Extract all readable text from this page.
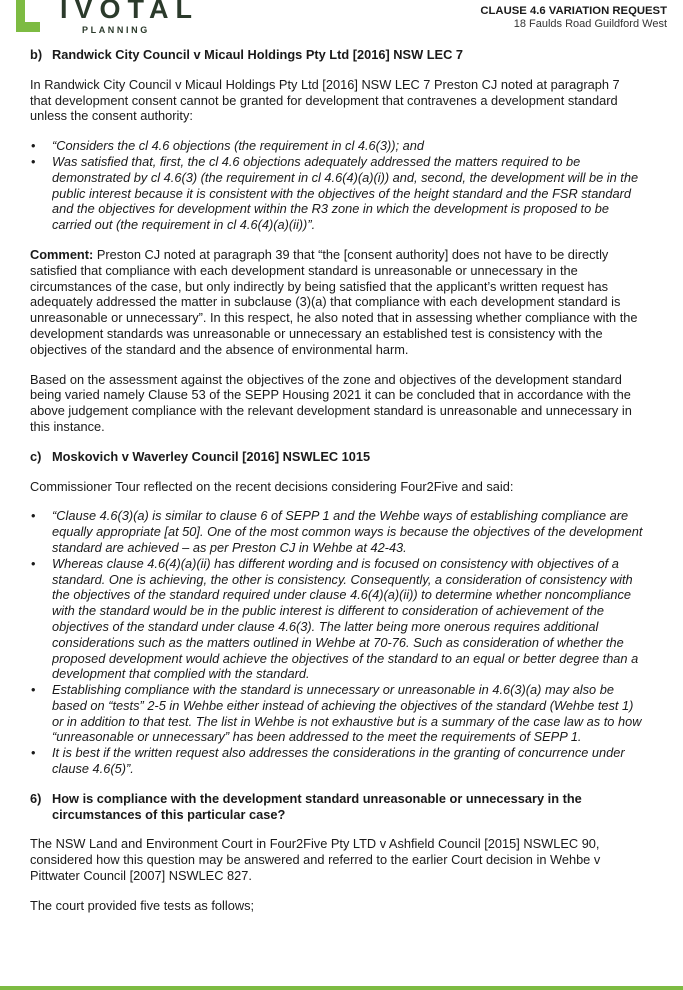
IVOTAL
PLANNING
CLAUSE 4.6 VARIATION REQUEST
18 Faulds Road Guildford West
b) Randwick City Council v Micaul Holdings Pty Ltd [2016] NSW LEC 7

In Randwick City Council v Micaul Holdings Pty Ltd [2016] NSW LEC 7 Preston CJ noted at paragraph 7

that development consent cannot be granted for development that contravenes a development standard

unless the consent authority:

• “Considers the cl 4.6 objections (the requirement in cl 4.6(3)); and

• Was satisfied that, first, the cl 4.6 objections adequately addressed the matters required to be

demonstrated by cl 4.6(3) (the requirement in cl 4.6(4)(a)(i)) and, second, the development will be in the

public interest because it is consistent with the objectives of the height standard and the FSR standard

and the objectives for development within the R3 zone in which the development is proposed to be

carried out (the requirement in cl 4.6(4)(a)(ii))”.

Comment: Preston CJ noted at paragraph 39 that “the [consent authority] does not have to be directly

satisfied that compliance with each development standard is unreasonable or unnecessary in the

circumstances of the case, but only indirectly by being satisfied that the applicant’s written request has

adequately addressed the matter in subclause (3)(a) that compliance with each development standard is

unreasonable or unnecessary”. In this respect, he also noted that in assessing whether compliance with the

development standards was unreasonable or unnecessary an established test is consistency with the

objectives of the standard and the absence of environmental harm.

Based on the assessment against the objectives of the zone and objectives of the development standard

being varied namely Clause 53 of the SEPP Housing 2021 it can be concluded that in accordance with the

above judgement compliance with the relevant development standard is unreasonable and unnecessary in

this instance.

c) Moskovich v Waverley Council [2016] NSWLEC 1015

Commissioner Tour reflected on the recent decisions considering Four2Five and said:

• “Clause 4.6(3)(a) is similar to clause 6 of SEPP 1 and the Wehbe ways of establishing compliance are

equally appropriate [at 50]. One of the most common ways is because the objectives of the development

standard are achieved – as per Preston CJ in Wehbe at 42-43.

• Whereas clause 4.6(4)(a)(ii) has different wording and is focused on consistency with objectives of a

standard. One is achieving, the other is consistency. Consequently, a consideration of consistency with

the objectives of the standard required under clause 4.6(4)(a)(ii)) to determine whether noncompliance

with the standard would be in the public interest is different to consideration of achievement of the

objectives of the standard under clause 4.6(3). The latter being more onerous requires additional

considerations such as the matters outlined in Wehbe at 70-76. Such as consideration of whether the

proposed development would achieve the objectives of the standard to an equal or better degree than a

development that complied with the standard.

• Establishing compliance with the standard is unnecessary or unreasonable in 4.6(3)(a) may also be

based on “tests” 2-5 in Wehbe either instead of achieving the objectives of the standard (Wehbe test 1)

or in addition to that test. The list in Wehbe is not exhaustive but is a summary of the case law as to how

“unreasonable or unnecessary” has been addressed to the meet the requirements of SEPP 1.

• It is best if the written request also addresses the considerations in the granting of concurrence under

clause 4.6(5)”.

6) How is compliance with the development standard unreasonable or unnecessary in the

circumstances of this particular case?

The NSW Land and Environment Court in Four2Five Pty LTD v Ashfield Council [2015] NSWLEC 90,

considered how this question may be answered and referred to the earlier Court decision in Wehbe v

Pittwater Council [2007] NSWLEC 827.

The court provided five tests as follows;
